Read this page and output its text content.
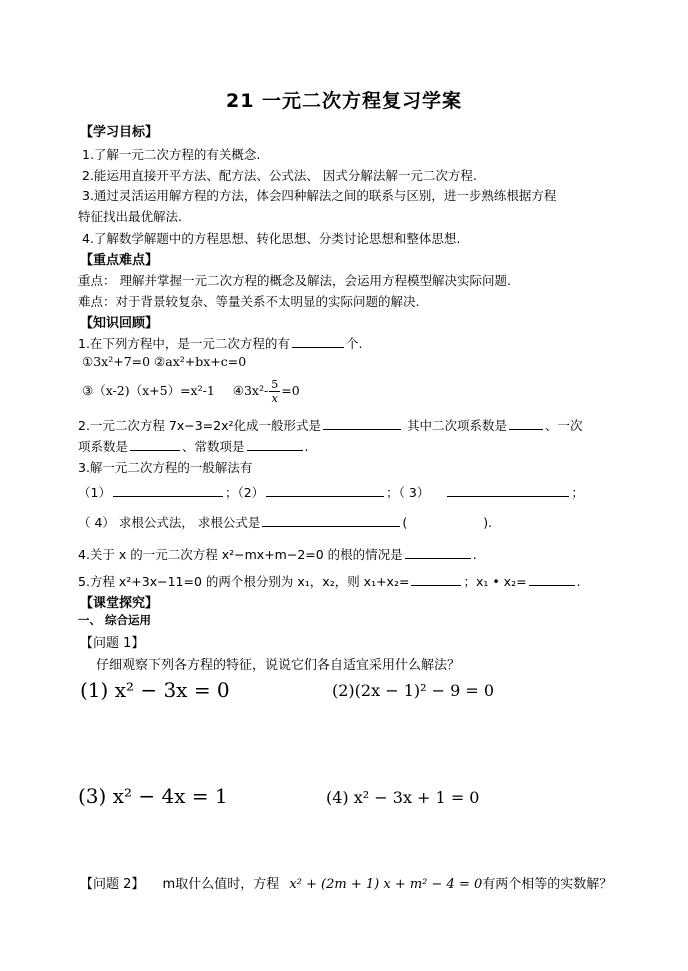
21 一元二次方程复习学案
【学习目标】
1.了解一元二次方程的有关概念.
2.能运用直接开平方法、配方法、公式法、 因式分解法解一元二次方程.
3.通过灵活运用解方程的方法，体会四种解法之间的联系与区别，进一步熟练根据方程
特征找出最优解法.
4.了解数学解题中的方程思想、转化思想、分类讨论思想和整体思想.
【重点难点】
重点： 理解并掌握一元二次方程的概念及解法，会运用方程模型解决实际问题.
难点：对于背景较复杂、等量关系不太明显的实际问题的解决.
【知识回顾】
1.在下列方程中，是一元二次方程的有	个.
①3x²+7=0 ②ax²+bx+c=0
③（x-2)（x+5）=x²-1 ④3x²- $\frac{5}{x} =0$
2.一元二次方程 7x−3=2x²化成一般形式是	其中二次项系数是	、一次
项系数是	、常数项是	.
3.解一元二次方程的一般解法有
（1）	；（2）	；（ 3）	；
（ 4） 求根公式法， 求根公式是	(	).
4.关于 x 的一元二次方程 x²−mx+m−2=0 的根的情况是	.
5.方程 x²+3x−11=0 的两个根分别为 x₁，x₂，则 x₁+x₂=	；x₁ • x₂=	.
【课堂探究】
一、 综合运用
【问题 1】
仔细观察下列各方程的特征，说说它们各自适宜采用什么解法？
(1) x² − 3x = 0	(2)(2x − 1)² − 9 = 0
(3) x² − 4x = 1	(4) x² − 3x + 1 = 0
【问题 2】 m取什么值时，方程 x² + (2m + 1) x + m² − 4 = 0有两个相等的实数解？
